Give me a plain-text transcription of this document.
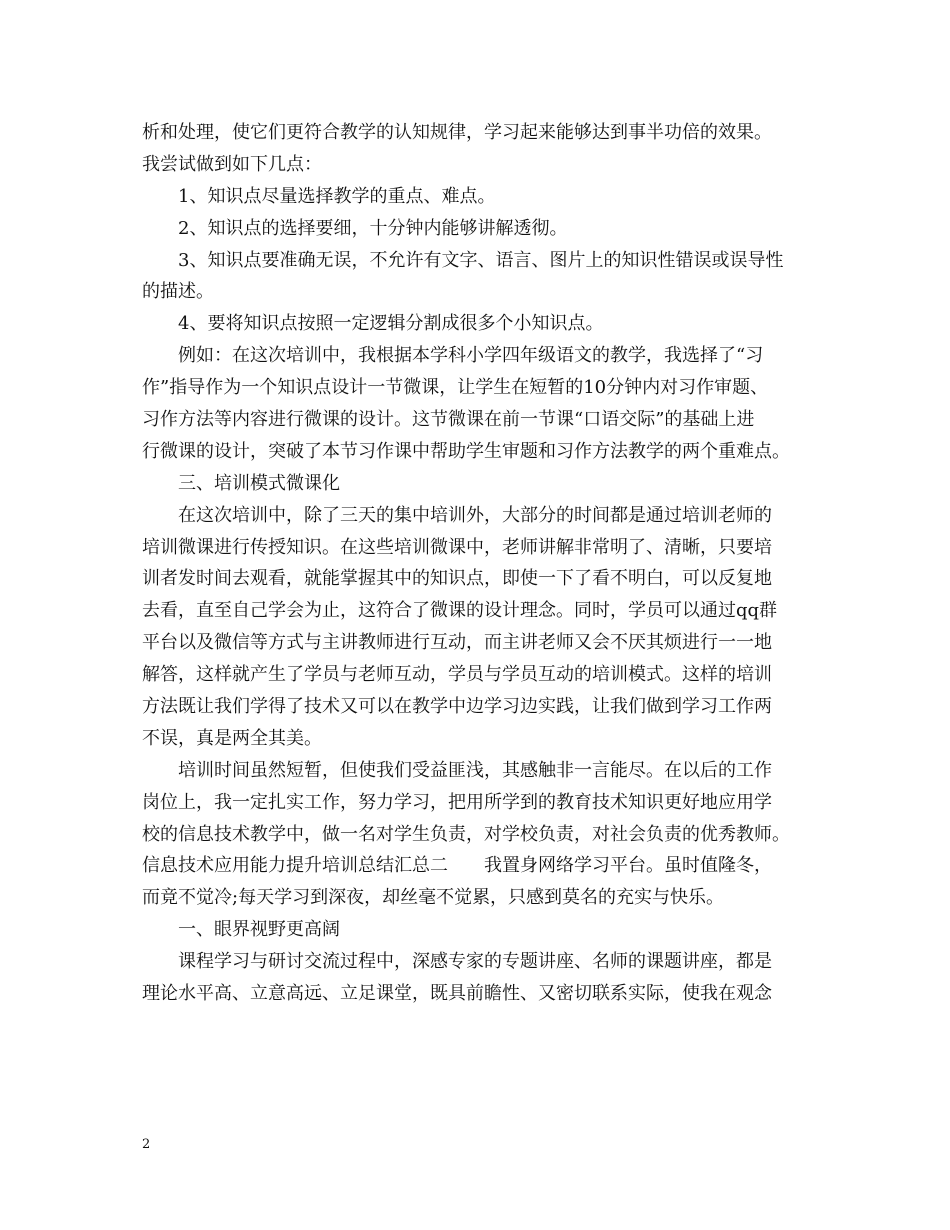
析和处理，使它们更符合教学的认知规律，学习起来能够达到事半功倍的效果。
我尝试做到如下几点：
1、知识点尽量选择教学的重点、难点。
2、知识点的选择要细，十分钟内能够讲解透彻。
3、知识点要准确无误，不允许有文字、语言、图片上的知识性错误或误导性
的描述。
4、要将知识点按照一定逻辑分割成很多个小知识点。
例如：在这次培训中，我根据本学科小学四年级语文的教学，我选择了“习
作”指导作为一个知识点设计一节微课，让学生在短暂的10分钟内对习作审题、
习作方法等内容进行微课的设计。这节微课在前一节课“口语交际”的基础上进
行微课的设计，突破了本节习作课中帮助学生审题和习作方法教学的两个重难点。
三、培训模式微课化
在这次培训中，除了三天的集中培训外，大部分的时间都是通过培训老师的
培训微课进行传授知识。在这些培训微课中，老师讲解非常明了、清晰，只要培
训者发时间去观看，就能掌握其中的知识点，即使一下了看不明白，可以反复地
去看，直至自己学会为止，这符合了微课的设计理念。同时，学员可以通过qq群
平台以及微信等方式与主讲教师进行互动，而主讲老师又会不厌其烦进行一一地
解答，这样就产生了学员与老师互动，学员与学员互动的培训模式。这样的培训
方法既让我们学得了技术又可以在教学中边学习边实践，让我们做到学习工作两
不误，真是两全其美。
培训时间虽然短暂，但使我们受益匪浅，其感触非一言能尽。在以后的工作
岗位上，我一定扎实工作，努力学习，把用所学到的教育技术知识更好地应用学
校的信息技术教学中，做一名对学生负责，对学校负责，对社会负责的优秀教师。
信息技术应用能力提升培训总结汇总二　　我置身网络学习平台。虽时值隆冬，
而竟不觉冷;每天学习到深夜，却丝毫不觉累，只感到莫名的充实与快乐。
一、眼界视野更高阔
课程学习与研讨交流过程中，深感专家的专题讲座、名师的课题讲座，都是
理论水平高、立意高远、立足课堂，既具前瞻性、又密切联系实际，使我在观念
2
